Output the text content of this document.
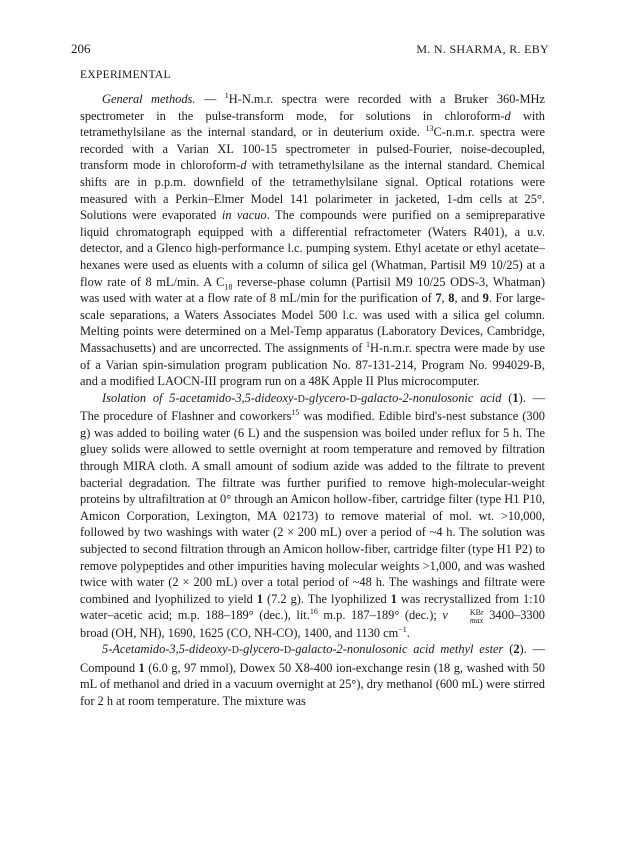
206	M. N. SHARMA, R. EBY
EXPERIMENTAL

General methods. — $^1$H-N.m.r. spectra were recorded with a Bruker 360-MHz spectrometer in the pulse-transform mode, for solutions in chloroform-d with tetramethylsilane as the internal standard, or in deuterium oxide. $^{13}$C-n.m.r. spectra were recorded with a Varian XL 100-15 spectrometer in pulsed-Fourier, noise-decoupled, transform mode in chloroform-d with tetramethylsilane as the internal standard. Chemical shifts are in p.p.m. downfield of the tetramethylsilane signal. Optical rotations were measured with a Perkin–Elmer Model 141 polarimeter in jacketed, 1-dm cells at 25°. Solutions were evaporated in vacuo. The compounds were purified on a semipreparative liquid chromatograph equipped with a differential refractometer (Waters R401), a u.v. detector, and a Glenco high-performance l.c. pumping system. Ethyl acetate or ethyl acetate–hexanes were used as eluents with a column of silica gel (Whatman, Partisil M9 10/25) at a flow rate of 8 mL/min. A $C_{18}$ reverse-phase column (Partisil M9 10/25 ODS-3, Whatman) was used with water at a flow rate of 8 mL/min for the purification of 7, 8, and 9. For large-scale separations, a Waters Associates Model 500 l.c. was used with a silica gel column. Melting points were determined on a Mel-Temp apparatus (Laboratory Devices, Cambridge, Massachusetts) and are uncorrected. The assignments of $^1$H-n.m.r. spectra were made by use of a Varian spin-simulation program publication No. 87-131-214, Program No. 994029-B, and a modified LAOCN-III program run on a 48K Apple II Plus microcomputer.

Isolation of 5-acetamido-3,5-dideoxy-D-glycero-D-galacto-2-nonulosonic acid (1). — The procedure of Flashner and coworkers$^{15}$ was modified. Edible bird's-nest substance (300 g) was added to boiling water (6 L) and the suspension was boiled under reflux for 5 h. The gluey solids were allowed to settle overnight at room temperature and removed by filtration through MIRA cloth. A small amount of sodium azide was added to the filtrate to prevent bacterial degradation. The filtrate was further purified to remove high-molecular-weight proteins by ultrafiltration at 0° through an Amicon hollow-fiber, cartridge filter (type H1 P10, Amicon Corporation, Lexington, MA 02173) to remove material of mol. wt. >10,000, followed by two washings with water (2 × 200 mL) over a period of ~4 h. The solution was subjected to second filtration through an Amicon hollow-fiber, cartridge filter (type H1 P2) to remove polypeptides and other impurities having molecular weights >1,000, and was washed twice with water (2 × 200 mL) over a total period of ~48 h. The washings and filtrate were combined and lyophilized to yield 1 (7.2 g). The lyophilized 1 was recrystallized from 1:10 water–acetic acid; m.p. 188–189° (dec.), lit.$^{16}$ m.p. 187–189° (dec.); ν	KBr
max 3400–3300 broad (OH, NH), 1690, 1625 (CO, NH-CO), 1400, and 1130 $cm^{-1}$.

5-Acetamido-3,5-dideoxy-D-glycero-D-galacto-2-nonulosonic acid methyl ester (2). — Compound 1 (6.0 g, 97 mmol), Dowex 50 X8-400 ion-exchange resin (18 g, washed with 50 mL of methanol and dried in a vacuum overnight at 25°), dry methanol (600 mL) were stirred for 2 h at room temperature. The mixture was
